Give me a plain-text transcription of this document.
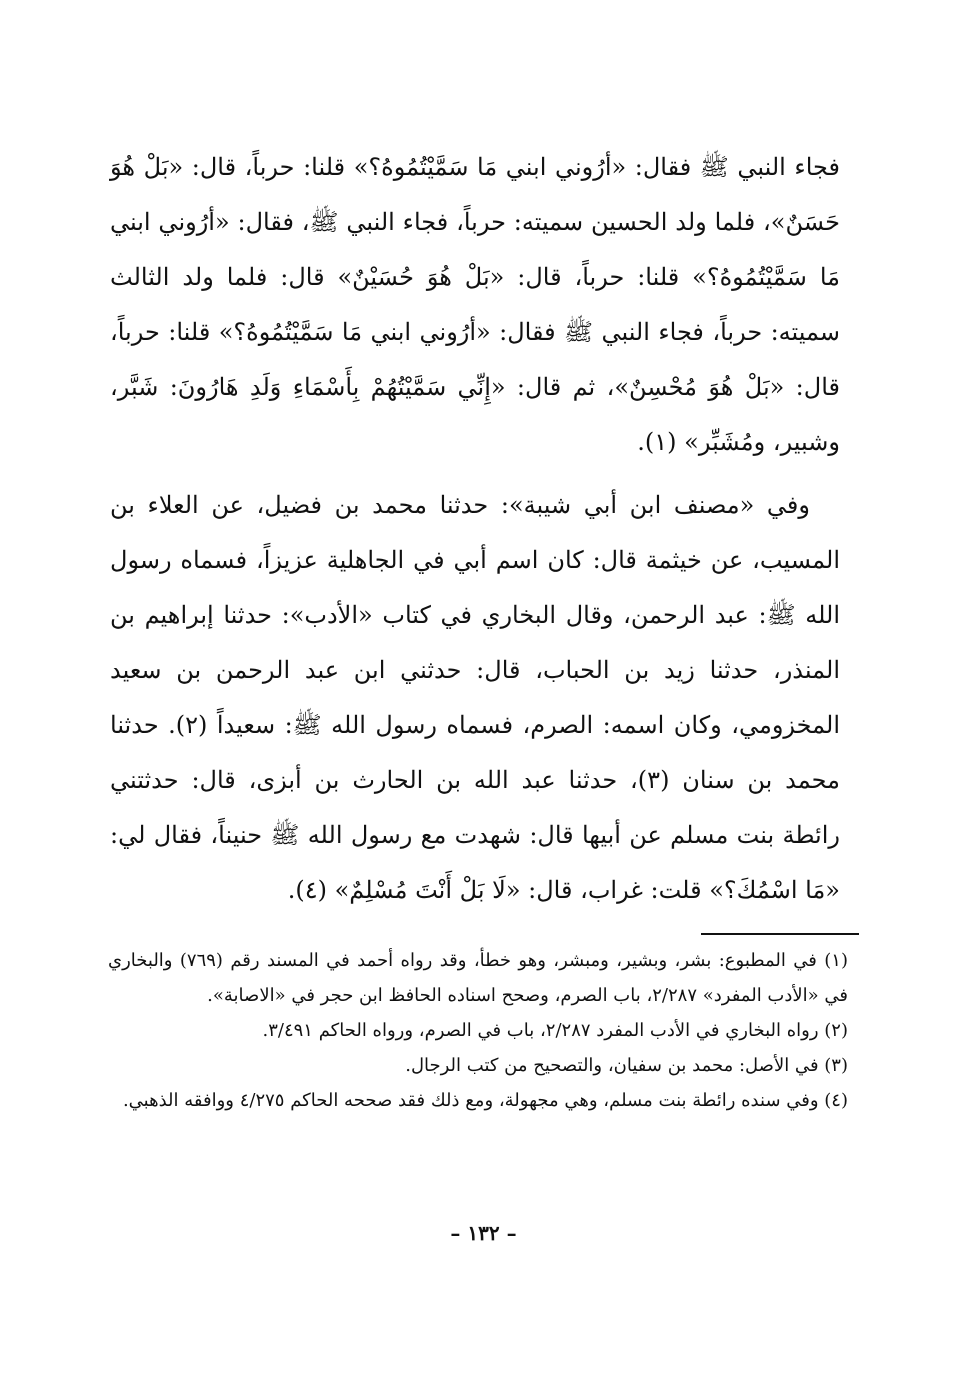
فجاء النبي ﷺ فقال: «أرُوني ابني مَا سَمَّيْتُمُوهُ؟» قلنا: حرباً، قال: «بَلْ هُوَ حَسَنٌ»، فلما ولد الحسين سميته: حرباً، فجاء النبي ﷺ، فقال: «أرُوني ابني مَا سَمَّيْتُمُوهُ؟» قلنا: حرباً، قال: «بَلْ هُوَ حُسَيْنٌ» قال: فلما ولد الثالث سميته: حرباً، فجاء النبي ﷺ فقال: «أرُوني ابني مَا سَمَّيْتُمُوهُ؟» قلنا: حرباً، قال: «بَلْ هُوَ مُحْسِنٌ»، ثم قال: «إِنِّي سَمَّيْتُهُمْ بِأَسْمَاءِ وَلَدِ هَارُونَ: شَبَّر، وشبير، ومُشَبِّر» (١).

وفي «مصنف ابن أبي شيبة»: حدثنا محمد بن فضيل، عن العلاء بن المسيب، عن خيثمة قال: كان اسم أبي في الجاهلية عزيزاً، فسماه رسول الله ﷺ: عبد الرحمن، وقال البخاري في كتاب «الأدب»: حدثنا إبراهيم بن المنذر، حدثنا زيد بن الحباب، قال: حدثني ابن عبد الرحمن بن سعيد المخزومي، وكان اسمه: الصرم، فسماه رسول الله ﷺ: سعيداً (٢). حدثنا محمد بن سنان (٣)، حدثنا عبد الله بن الحارث بن أبزى، قال: حدثتني رائطة بنت مسلم عن أبيها قال: شهدت مع رسول الله ﷺ حنيناً، فقال لي: «مَا اسْمُكَ؟» قلت: غراب، قال: «لَا بَلْ أَنْتَ مُسْلِمٌ» (٤).

(١) في المطبوع: بشر، وبشير، ومبشر، وهو خطأ، وقد رواه أحمد في المسند رقم (٧٦٩) والبخاري في «الأدب المفرد» ٢/٢٨٧، باب الصرم، وصحح اسناده الحافظ ابن حجر في «الاصابة».

(٢) رواه البخاري في الأدب المفرد ٢/٢٨٧، باب في الصرم، ورواه الحاكم ٣/٤٩١.

(٣) في الأصل: محمد بن سفيان، والتصحيح من كتب الرجال.

(٤) وفي سنده رائطة بنت مسلم، وهي مجهولة، ومع ذلك فقد صححه الحاكم ٤/٢٧٥ ووافقه الذهبي.

– ١٣٢ –
